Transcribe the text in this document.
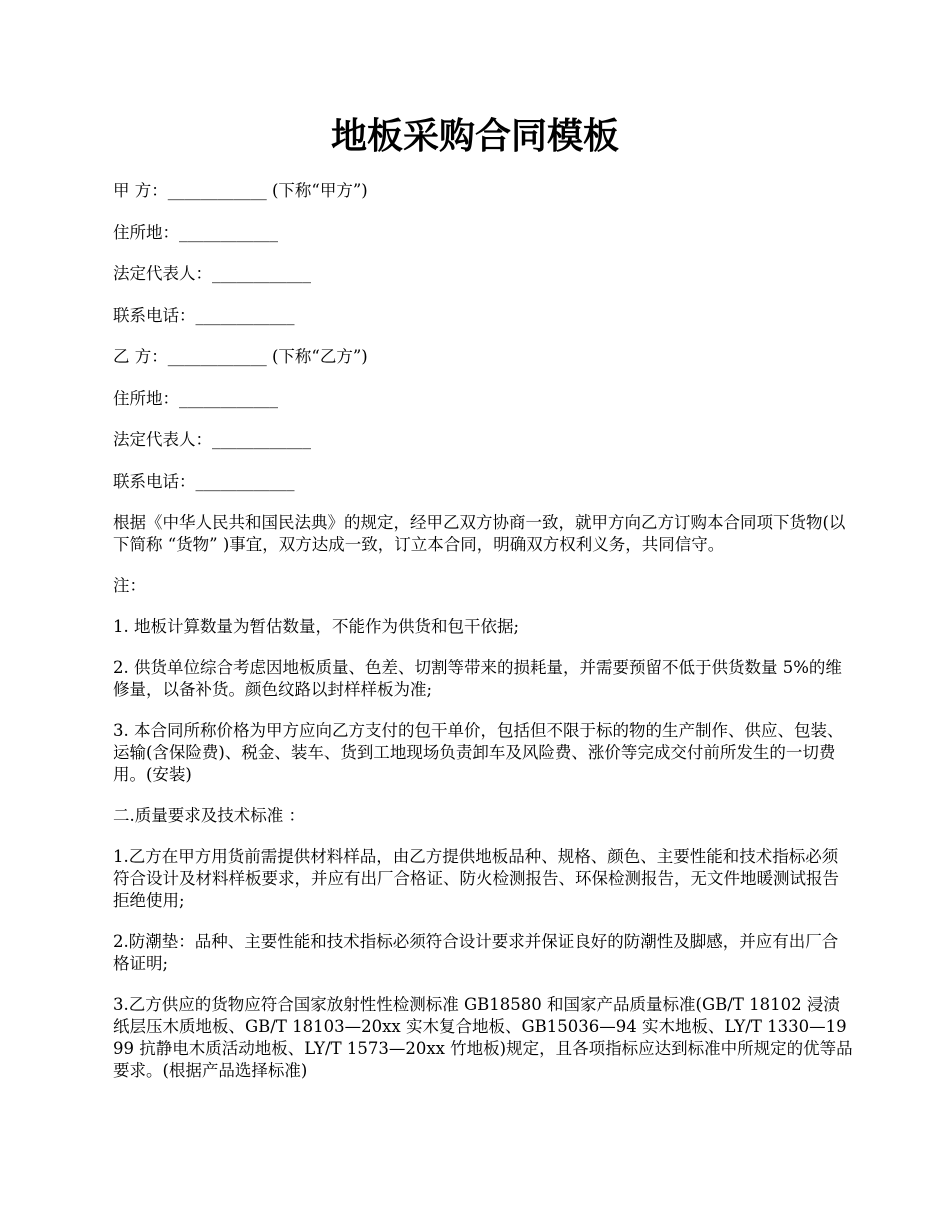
地板采购合同模板

甲 方：____________ (下称“甲方”)

住所地：____________

法定代表人：____________

联系电话：____________

乙 方：____________ (下称“乙方”)

住所地：____________

法定代表人：____________

联系电话：____________

根据《中华人民共和国民法典》的规定，经甲乙双方协商一致，就甲方向乙方订购本合同项下货物(以下简称 “货物” )事宜，双方达成一致，订立本合同，明确双方权利义务，共同信守。

注：

1. 地板计算数量为暂估数量，不能作为供货和包干依据;

2. 供货单位综合考虑因地板质量、色差、切割等带来的损耗量，并需要预留不低于供货数量 5%的维修量，以备补货。颜色纹路以封样样板为准;

3. 本合同所称价格为甲方应向乙方支付的包干单价，包括但不限于标的物的生产制作、供应、包装、运输(含保险费)、税金、装车、货到工地现场负责卸车及风险费、涨价等完成交付前所发生的一切费用。(安装)

二.质量要求及技术标准 ：

1.乙方在甲方用货前需提供材料样品，由乙方提供地板品种、规格、颜色、主要性能和技术指标必须符合设计及材料样板要求，并应有出厂合格证、防火检测报告、环保检测报告，无文件地暖测试报告拒绝使用;

2.防潮垫：品种、主要性能和技术指标必须符合设计要求并保证良好的防潮性及脚感，并应有出厂合格证明;

3.乙方供应的货物应符合国家放射性性检测标准 GB18580 和国家产品质量标准(GB/T 18102 浸渍纸层压木质地板、GB/T 18103—20xx 实木复合地板、GB15036—94 实木地板、LY/T 1330—1999 抗静电木质活动地板、LY/T 1573—20xx 竹地板)规定，且各项指标应达到标准中所规定的优等品要求。(根据产品选择标准)
